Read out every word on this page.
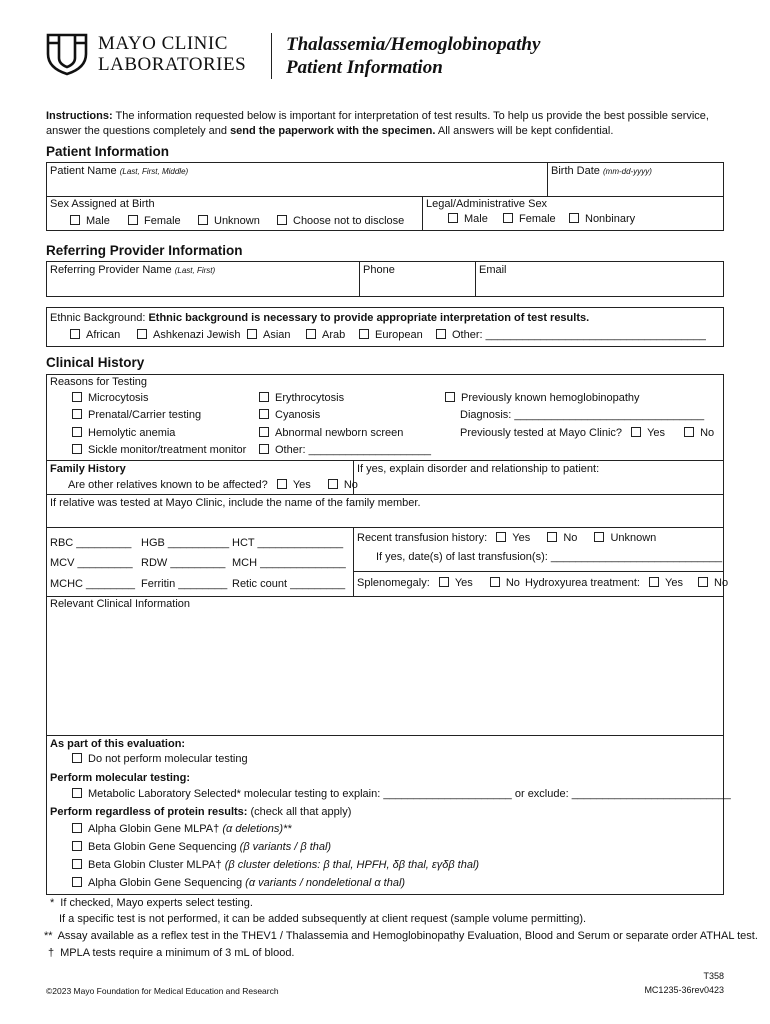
MAYO CLINIC
LABORATORIES
Thalassemia/Hemoglobinopathy
Patient Information
Instructions: The information requested below is important for interpretation of test results. To help us provide the best possible service,
answer the questions completely and send the paperwork with the specimen. All answers will be kept confidential.
Patient Information
Patient Name (Last, First, Middle)	Birth Date (mm-dd-yyyy)
Sex Assigned at Birth
Male	Female	Unknown	Choose not to disclose
Legal/Administrative Sex
Male	Female	Nonbinary
Referring Provider Information
Referring Provider Name (Last, First)	Phone	Email
Ethnic Background: Ethnic background is necessary to provide appropriate interpretation of test results.
African	Ashkenazi Jewish	Asian	Arab	European	Other: ____________________________________
Clinical History
Reasons for Testing
Microcytosis
Prenatal/Carrier testing
Hemolytic anemia
Sickle monitor/treatment monitor
Erythrocytosis
Cyanosis
Abnormal newborn screen
Other: ____________________
Previously known hemoglobinopathy
Diagnosis: _______________________________
Previously tested at Mayo Clinic? Yes	No
Family History
Are other relatives known to be affected? Yes	No
If yes, explain disorder and relationship to patient:
If relative was tested at Mayo Clinic, include the name of the family member.
RBC _________ HGB __________ HCT ______________
MCV _________ RDW _________ MCH ______________
MCHC ________ Ferritin ________ Retic count _________
Recent transfusion history: Yes	No	Unknown
If yes, date(s) of last transfusion(s): ____________________________
Splenomegaly: Yes	No Hydroxyurea treatment: Yes	No
Relevant Clinical Information
As part of this evaluation:
Do not perform molecular testing
Perform molecular testing:
Metabolic Laboratory Selected* molecular testing to explain: _____________________ or exclude: __________________________
Perform regardless of protein results: (check all that apply)
Alpha Globin Gene MLPA† (α deletions)**
Beta Globin Gene Sequencing (β variants / β thal)
Beta Globin Cluster MLPA† (β cluster deletions: β thal, HPFH, δβ thal, εγδβ thal)
Alpha Globin Gene Sequencing (α variants / nondeletional α thal)
* If checked, Mayo experts select testing.
If a specific test is not performed, it can be added subsequently at client request (sample volume permitting).
** Assay available as a reflex test in the THEV1 / Thalassemia and Hemoglobinopathy Evaluation, Blood and Serum or separate order ATHAL test.
† MPLA tests require a minimum of 3 mL of blood.
T358
©2023 Mayo Foundation for Medical Education and Research	MC1235-36rev0423
